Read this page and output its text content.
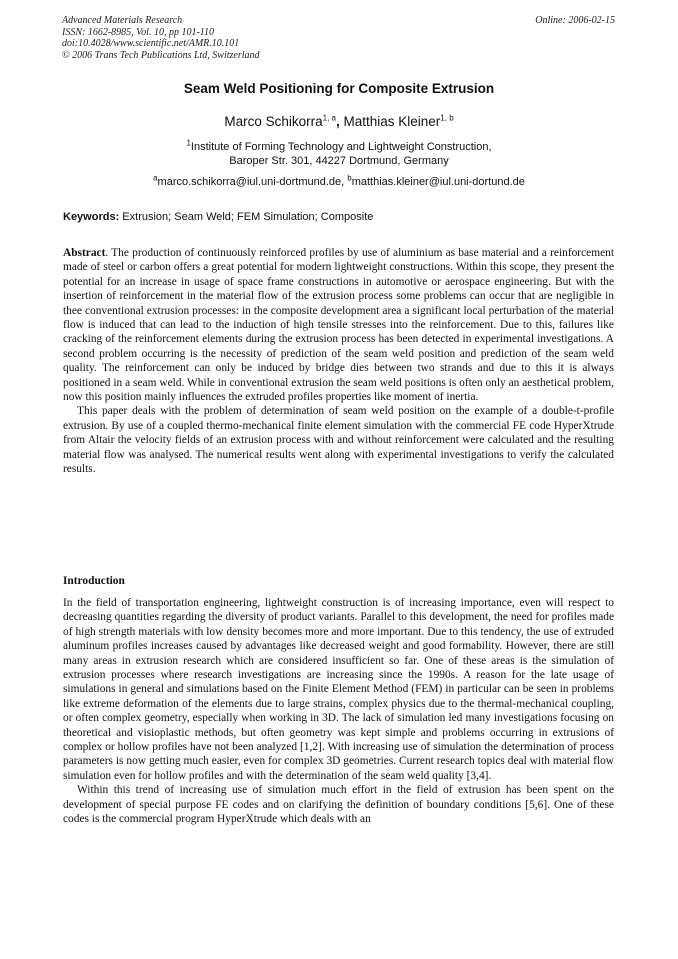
Advanced Materials Research
ISSN: 1662-8985, Vol. 10, pp 101-110
doi:10.4028/www.scientific.net/AMR.10.101
© 2006 Trans Tech Publications Ltd, Switzerland
Online: 2006-02-15
Seam Weld Positioning for Composite Extrusion
Marco Schikorra$^{1, a}$, Matthias Kleiner$^{1, b}$
$^1$Institute of Forming Technology and Lightweight Construction,
Baroper Str. 301, 44227 Dortmund, Germany
$^a$marco.schikorra@iul.uni-dortmund.de, $^b$matthias.kleiner@iul.uni-dortund.de
Keywords: Extrusion; Seam Weld; FEM Simulation; Composite

Abstract. The production of continuously reinforced profiles by use of aluminium as base material and a reinforcement made of steel or carbon offers a great potential for modern lightweight constructions. Within this scope, they present the potential for an increase in usage of space frame constructions in automotive or aerospace engineering. But with the insertion of reinforcement in the material flow of the extrusion process some problems can occur that are negligible in thee conventional extrusion processes: in the composite development area a significant local perturbation of the material flow is induced that can lead to the induction of high tensile stresses into the reinforcement. Due to this, failures like cracking of the reinforcement elements during the extrusion process has been detected in experimental investigations. A second problem occurring is the necessity of prediction of the seam weld position and prediction of the seam weld quality. The reinforcement can only be induced by bridge dies between two strands and due to this it is always positioned in a seam weld. While in conventional extrusion the seam weld positions is often only an aesthetical problem, now this position mainly influences the extruded profiles properties like moment of inertia.

This paper deals with the problem of determination of seam weld position on the example of a double-t-profile extrusion. By use of a coupled thermo-mechanical finite element simulation with the commercial FE code HyperXtrude from Altair the velocity fields of an extrusion process with and without reinforcement were calculated and the resulting material flow was analysed. The numerical results went along with experimental investigations to verify the calculated results.

Introduction

In the field of transportation engineering, lightweight construction is of increasing importance, even will respect to decreasing quantities regarding the diversity of product variants. Parallel to this development, the need for profiles made of high strength materials with low density becomes more and more important. Due to this tendency, the use of extruded aluminum profiles increases caused by advantages like decreased weight and good formability. However, there are still many areas in extrusion research which are considered insufficient so far. One of these areas is the simulation of extrusion processes where research investigations are increasing since the 1990s. A reason for the late usage of simulations in general and simulations based on the Finite Element Method (FEM) in particular can be seen in problems like extreme deformation of the elements due to large strains, complex physics due to the thermal-mechanical coupling, or often complex geometry, especially when working in 3D. The lack of simulation led many investigations focusing on theoretical and visioplastic methods, but often geometry was kept simple and problems occurring in extrusions of complex or hollow profiles have not been analyzed [1,2]. With increasing use of simulation the determination of process parameters is now getting much easier, even for complex 3D geometries. Current research topics deal with material flow simulation even for hollow profiles and with the determination of the seam weld quality [3,4].

Within this trend of increasing use of simulation much effort in the field of extrusion has been spent on the development of special purpose FE codes and on clarifying the definition of boundary conditions [5,6]. One of these codes is the commercial program HyperXtrude which deals with an
